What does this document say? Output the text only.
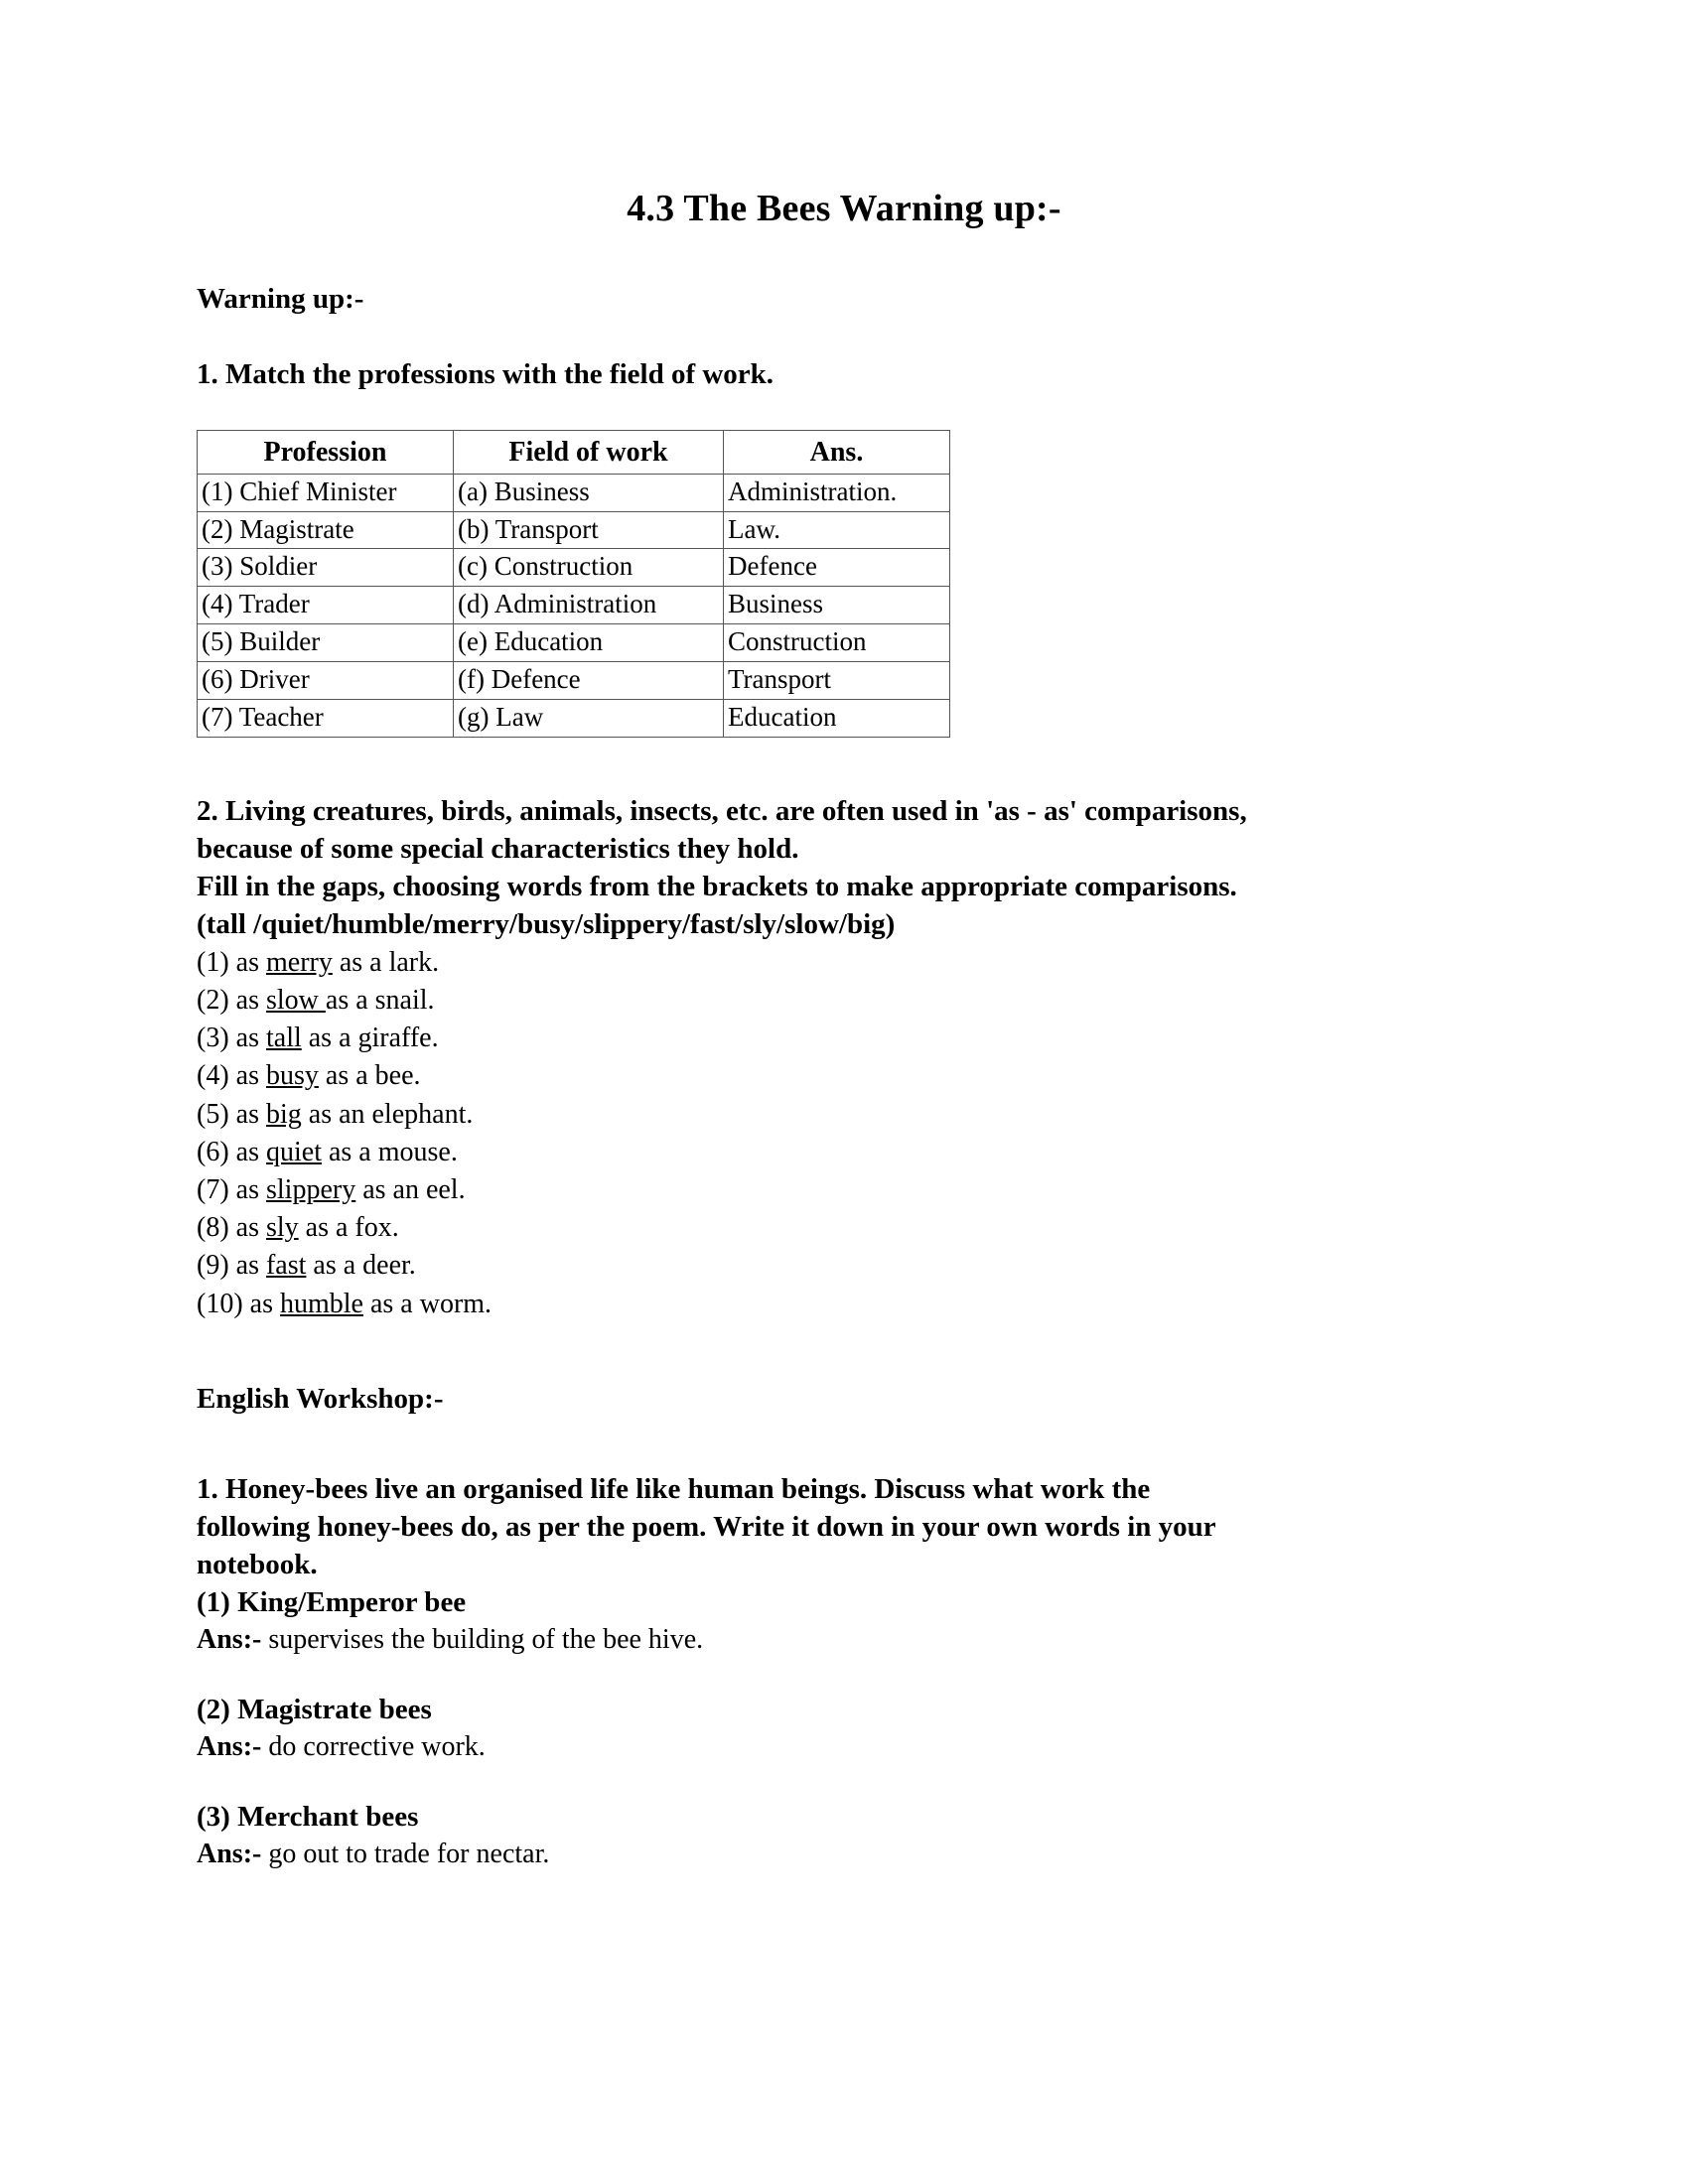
4.3 The Bees Warning up:-
Warning up:-
1. Match the professions with the field of work.
Profession	Field of work	Ans.
(1) Chief Minister	(a) Business	Administration.
(2) Magistrate	(b) Transport	Law.
(3) Soldier	(c) Construction	Defence
(4) Trader	(d) Administration	Business
(5) Builder	(e) Education	Construction
(6) Driver	(f) Defence	Transport
(7) Teacher	(g) Law	Education
2. Living creatures, birds, animals, insects, etc. are often used in 'as - as' comparisons,
because of some special characteristics they hold.
Fill in the gaps, choosing words from the brackets to make appropriate comparisons.
(tall /quiet/humble/merry/busy/slippery/fast/sly/slow/big)
(1) as merry as a lark.
(2) as slow as a snail.
(3) as tall as a giraffe.
(4) as busy as a bee.
(5) as big as an elephant.
(6) as quiet as a mouse.
(7) as slippery as an eel.
(8) as sly as a fox.
(9) as fast as a deer.
(10) as humble as a worm.
English Workshop:-
1. Honey-bees live an organised life like human beings. Discuss what work the
following honey-bees do, as per the poem. Write it down in your own words in your
notebook.
(1) King/Emperor bee
Ans:- supervises the building of the bee hive.
(2) Magistrate bees
Ans:- do corrective work.
(3) Merchant bees
Ans:- go out to trade for nectar.
